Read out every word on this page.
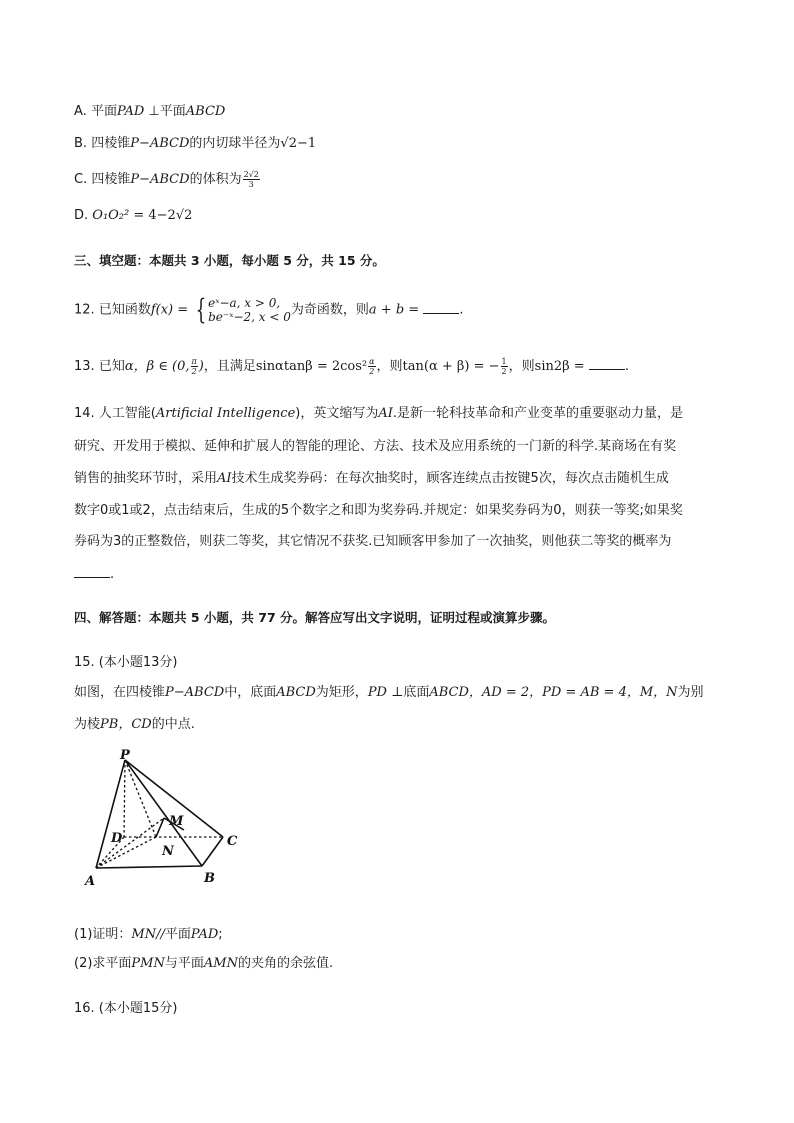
A. 平面PAD ⊥平面ABCD
B. 四棱锥P−ABCD的内切球半径为√2−1
C. 四棱锥P−ABCD的体积为 $\frac{2√2}{3}$
D. O₁O₂² = 4−2√2
三、填空题：本题共 3 小题，每小题 5 分，共 15 分。
12. 已知函数f(x) = { eˣ−a, x > 0,
be⁻ˣ−2, x < 0 为奇函数，则a + b =	.
13. 已知α，β ∈ (0, $\frac{\pi}{2}$ )，且满足$\sin\alpha\tan\beta = 2\cos^2 \frac{\alpha}{2}$ ，则tan(α + β) = − $\frac{1}{2}$ ，则sin2β =	.
14. 人工智能(Artificial Intelligence)，英文缩写为AI.是新一轮科技革命和产业变革的重要驱动力量，是
研究、开发用于模拟、延伸和扩展人的智能的理论、方法、技术及应用系统的一门新的科学.某商场在有奖
销售的抽奖环节时，采用AI技术生成奖券码：在每次抽奖时，顾客连续点击按键5次，每次点击随机生成
数字0或1或2，点击结束后，生成的5个数字之和即为奖券码.并规定：如果奖券码为0，则获一等奖;如果奖
券码为3的正整数倍，则获二等奖，其它情况不获奖.已知顾客甲参加了一次抽奖，则他获二等奖的概率为
.
四、解答题：本题共 5 小题，共 77 分。解答应写出文字说明，证明过程或演算步骤。
15. (本小题13分)
如图，在四棱锥P−ABCD中，底面ABCD为矩形，PD ⊥底面ABCD，AD = 2，PD = AB = 4，M，N为别
为棱PB，CD的中点.
P
D
M
N
C
A	B
(1)证明：MN//平面PAD;
(2)求平面PMN与平面AMN的夹角的余弦值.
16. (本小题15分)
